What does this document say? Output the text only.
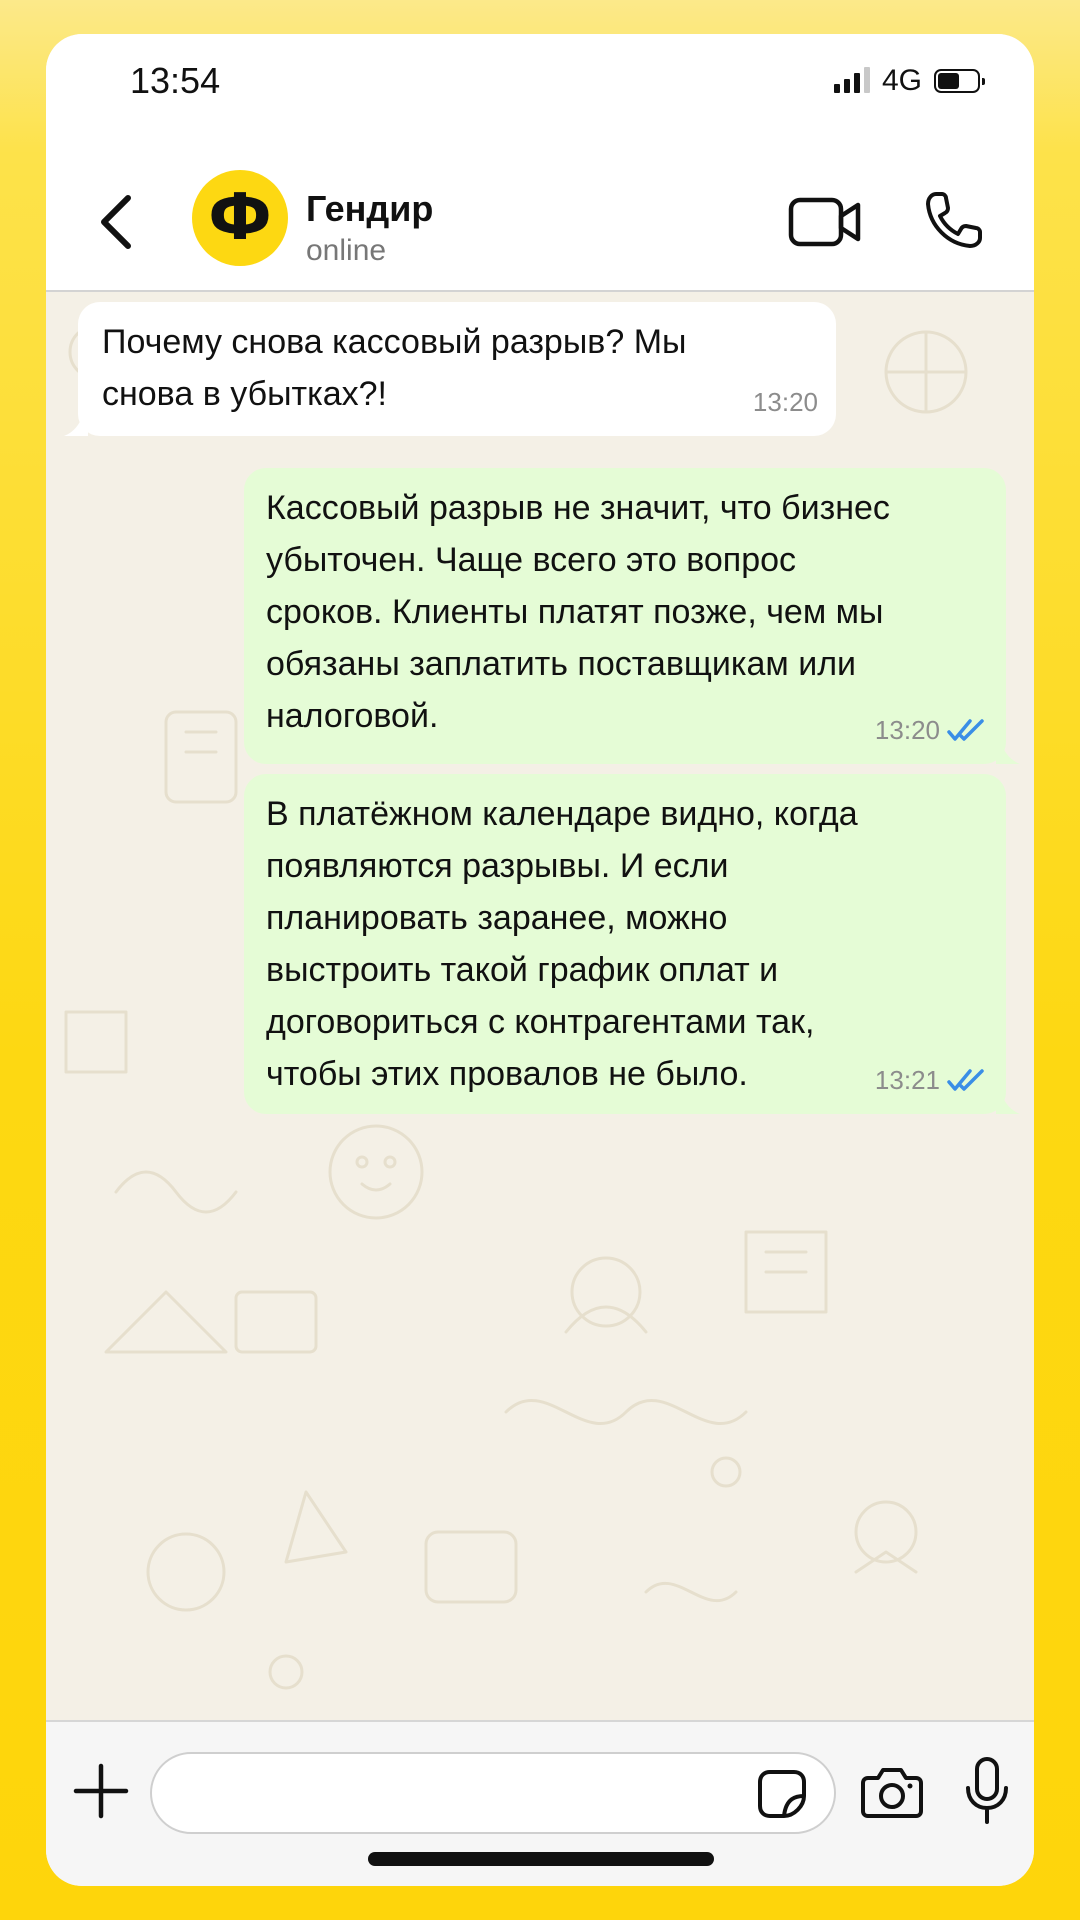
13:54	4G
Ф Гендир
online
Почему снова кассовый разрыв? Мы
снова в убытках?!	13:20
Кассовый разрыв не значит, что бизнес
убыточен. Чаще всего это вопрос
сроков. Клиенты платят позже, чем мы
обязаны заплатить поставщикам или
налоговой.	13:20
В платёжном календаре видно, когда
появляются разрывы. И если
планировать заранее, можно
выстроить такой график оплат и
договориться с контрагентами так,
чтобы этих провалов не было.	13:21
